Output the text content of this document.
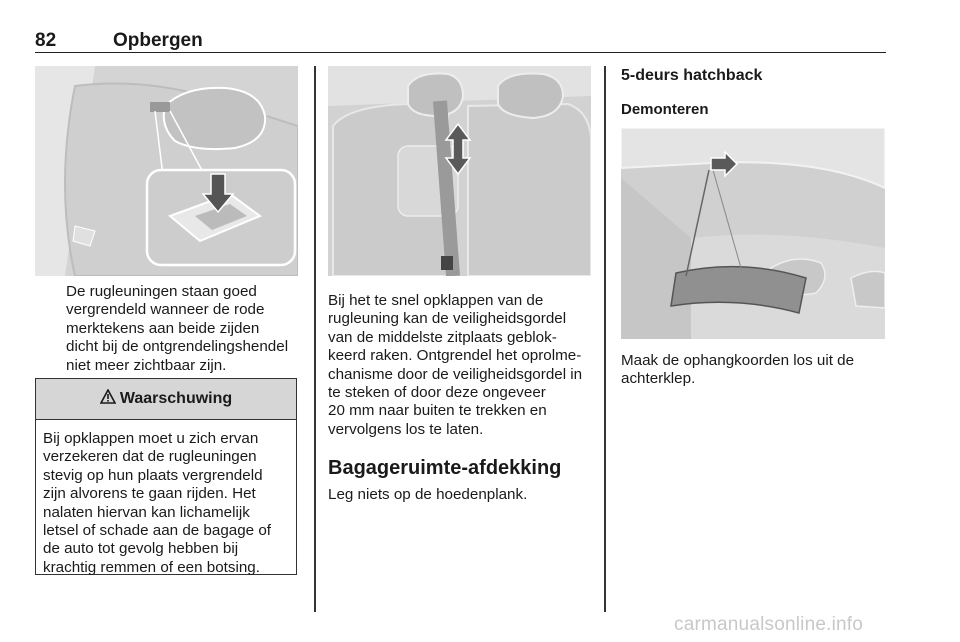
82	Opbergen
De rugleuningen staan goed
vergrendeld wanneer de rode
merktekens aan beide zijden
dicht bij de ontgrendelingshendel
niet meer zichtbaar zijn.
Waarschuwing
Bij opklappen moet u zich ervan
verzekeren dat de rugleuningen
stevig op hun plaats vergrendeld
zijn alvorens te gaan rijden. Het
nalaten hiervan kan lichamelijk
letsel of schade aan de bagage of
de auto tot gevolg hebben bij
krachtig remmen of een botsing.
Bij het te snel opklappen van de
rugleuning kan de veiligheidsgordel
van de middelste zitplaats geblok-
keerd raken. Ontgrendel het oprolme-
chanisme door de veiligheidsgordel in
te steken of door deze ongeveer
20 mm naar buiten te trekken en
vervolgens los te laten.
Bagageruimte-afdekking
Leg niets op de hoedenplank.
5-deurs hatchback
Demonteren
Maak de ophangkoorden los uit de
achterklep.
carmanualsonline.info
